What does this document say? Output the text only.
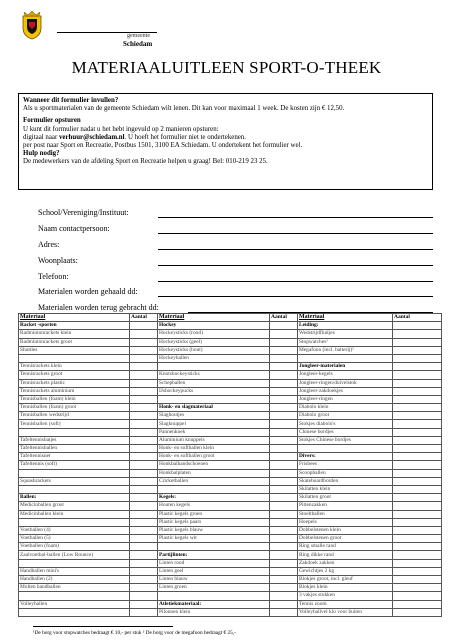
gemeente
Schiedam
MATERIAALUITLEEN SPORT-O-THEEK
Wanneer dit formulier invullen?
Als u sportmaterialen van de gemeente Schiedam wilt lenen. Dit kan voor maximaal 1 week. De kosten zijn € 12,50.
Formulier opsturen
U kunt dit formulier nadat u het hebt ingevuld op 2 manieren opsturen:
digitaal naar verhuur@schiedam.nl. U hoeft het formulier niet te ondertekenen.
per post naar Sport en Recreatie, Postbus 1501, 3100 EA Schiedam. U ondertekent het formulier wel.
Hulp nodig?
De medewerkers van de afdeling Sport en Recreatie helpen u graag! Bel: 010-219 23 25.
School/Vereniging/Instituut:
Naam contactpersoon:
Adres:
Woonplaats:
Telefoon:
Materialen worden gehaald dd:
Materialen worden terug gebracht dd:
Materiaal	Aantal	Materiaal	Aantal	Materiaal	Aantal
Racket -sporten		Hockey		Leiding:	
Badmintonrackets klein		Hockeysticks (rood)		Wedstrijdfluitjes	
Badmintonrackets groot		Hockeysticks (geel)		Stopwatches¹	
Shuttles		Hockeysticks (hout)		Megafoon (incl. batterij)²	
		Hockeyballen			
Tennisrackets klein				Jongleer-materialen	
Tennisrackets groot		Knotshockeysticks		Jongleer-kegels	
Tennisrackets plastic		Schepballen		Jongleer-ringen/duivelstok	
Tennisrackets aluminium		IJshockeypucks		Jongleer-zakdoekjes	
Tennisballen (foam) klein				Jongleer-ringen	
Tennisballen (foam) groot		Honk- en slagmateriaal		Diabolo klein	
Tennisballen wedstrijd		Slaghoutjes		Diabolo groot	
Tennisballen (soft)		Slagknuppel		Stokjes diabolo's	
		Pannenkoek		Chinese bordjes	
Tafeltennisbatjes		Aluminium knuppels		Stokjes Chinese bordjes	
Tafeltennisballen		Honk- en softballen klein			
Tafeltennisnet		Honk- en softballen groot		Divers:	
Tafeltennis (soft)		Honkbalhandschoenen		Frisbees	
		Honkbalplaten		Scoopballen	
Squashrackets		Cricketballen		Skateboardborden	
				Skilatten klein	
Ballen:		Kegels:		Skilatten groot	
Medicinballen groot		Houten kegels		Pittenzakken	
Medicinballen klein		Plastic kegels groen		Stoeltballen	
		Plastic kegels paars		Hoepels	
Voetballen (4)		Plastic kegels blauw		Dobbelstenen klein	
Voetballen (5)		Plastic kegels wit		Dobbelstenen groot	
Voetballen (foam)				Ring smalle rand	
Zaalvoetbal-ballen (Low Bounce)		Partijlinten:		Ring dikke rand	
		Linten rood		Zakdoek zakken	
Handballen mini's		Linten geel		Gewichtjes 2 kg	
Handballen (2)		Linten blauw		Blokjes groot, incl. gleuf	
Molten handballen		Linten groen		Blokjes klein	
				3 vakjes stokken	
Volleyballen		Atletiekmateriaal:		Tennis zoom	
		Pilonnen klein		Volleyballvel klo voor buiten	
¹De borg voor stopwatches bedraagt € 10,- per stuk ² De borg voor de megafoon bedraagt € 25,-
